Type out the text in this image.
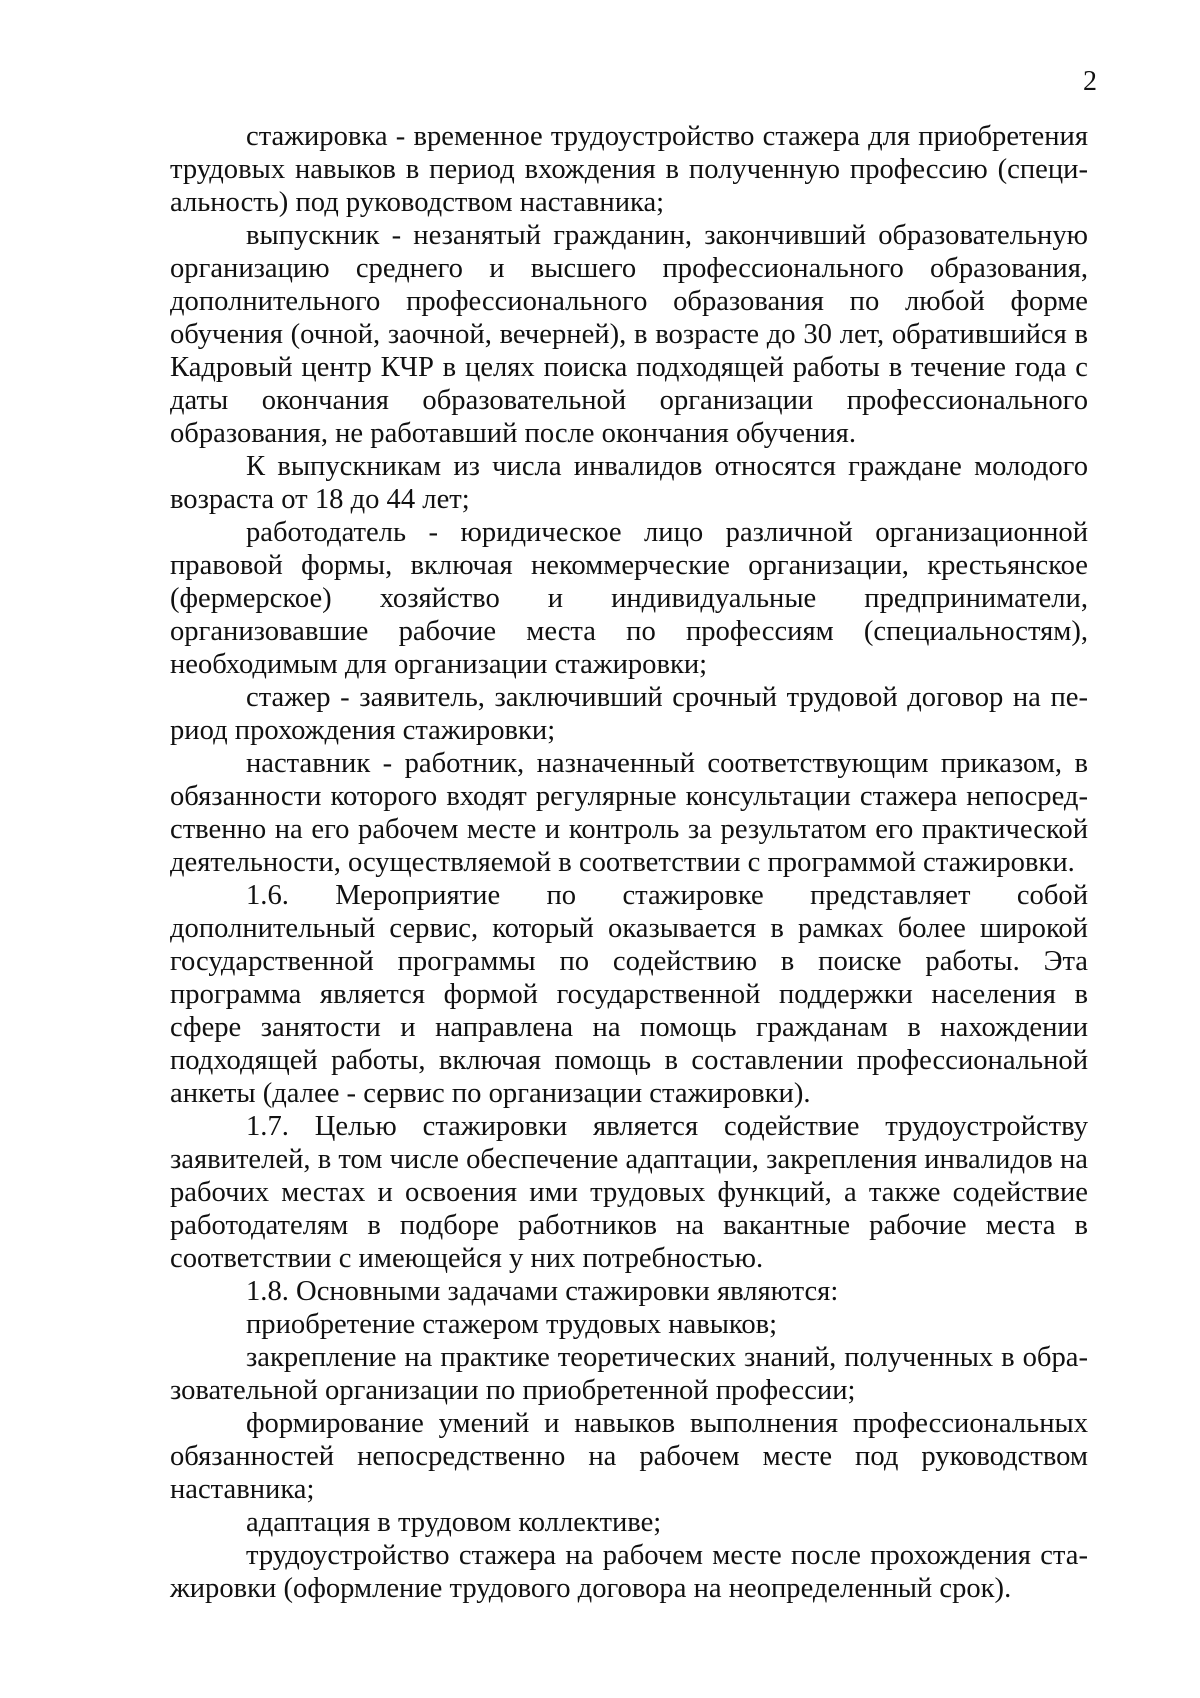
2

стажировка - временное трудоустройство стажера для приобретения трудовых навыков в период вхождения в полученную профессию (специальность) под руководством наставника;

выпускник - незанятый гражданин, закончивший образовательную организацию среднего и высшего профессионального образования, дополнительного профессионального образования по любой форме обучения (очной, заочной, вечерней), в возрасте до 30 лет, обратившийся в Кадровый центр КЧР в целях поиска подходящей работы в течение года с даты окончания образовательной организации профессионального образования, не работавший после окончания обучения.

К выпускникам из числа инвалидов относятся граждане молодого возраста от 18 до 44 лет;

работодатель - юридическое лицо различной организационной правовой формы, включая некоммерческие организации, крестьянское (фермерское) хозяйство и индивидуальные предприниматели, организовавшие рабочие места по профессиям (специальностям), необходимым для организации стажировки;

стажер - заявитель, заключивший срочный трудовой договор на период прохождения стажировки;

наставник - работник, назначенный соответствующим приказом, в обязанности которого входят регулярные консультации стажера непосредственно на его рабочем месте и контроль за результатом его практической деятельности, осуществляемой в соответствии с программой стажировки.

1.6. Мероприятие по стажировке представляет собой дополнительный сервис, который оказывается в рамках более широкой государственной программы по содействию в поиске работы. Эта программа является формой государственной поддержки населения в сфере занятости и направлена на помощь гражданам в нахождении подходящей работы, включая помощь в составлении профессиональной анкеты (далее - сервис по организации стажировки).

1.7. Целью стажировки является содействие трудоустройству заявителей, в том числе обеспечение адаптации, закрепления инвалидов на рабочих местах и освоения ими трудовых функций, а также содействие работодателям в подборе работников на вакантные рабочие места в соответствии с имеющейся у них потребностью.

1.8. Основными задачами стажировки являются:

приобретение стажером трудовых навыков;

закрепление на практике теоретических знаний, полученных в образовательной организации по приобретенной профессии;

формирование умений и навыков выполнения профессиональных обязанностей непосредственно на рабочем месте под руководством наставника;

адаптация в трудовом коллективе;

трудоустройство стажера на рабочем месте после прохождения стажировки (оформление трудового договора на неопределенный срок).
